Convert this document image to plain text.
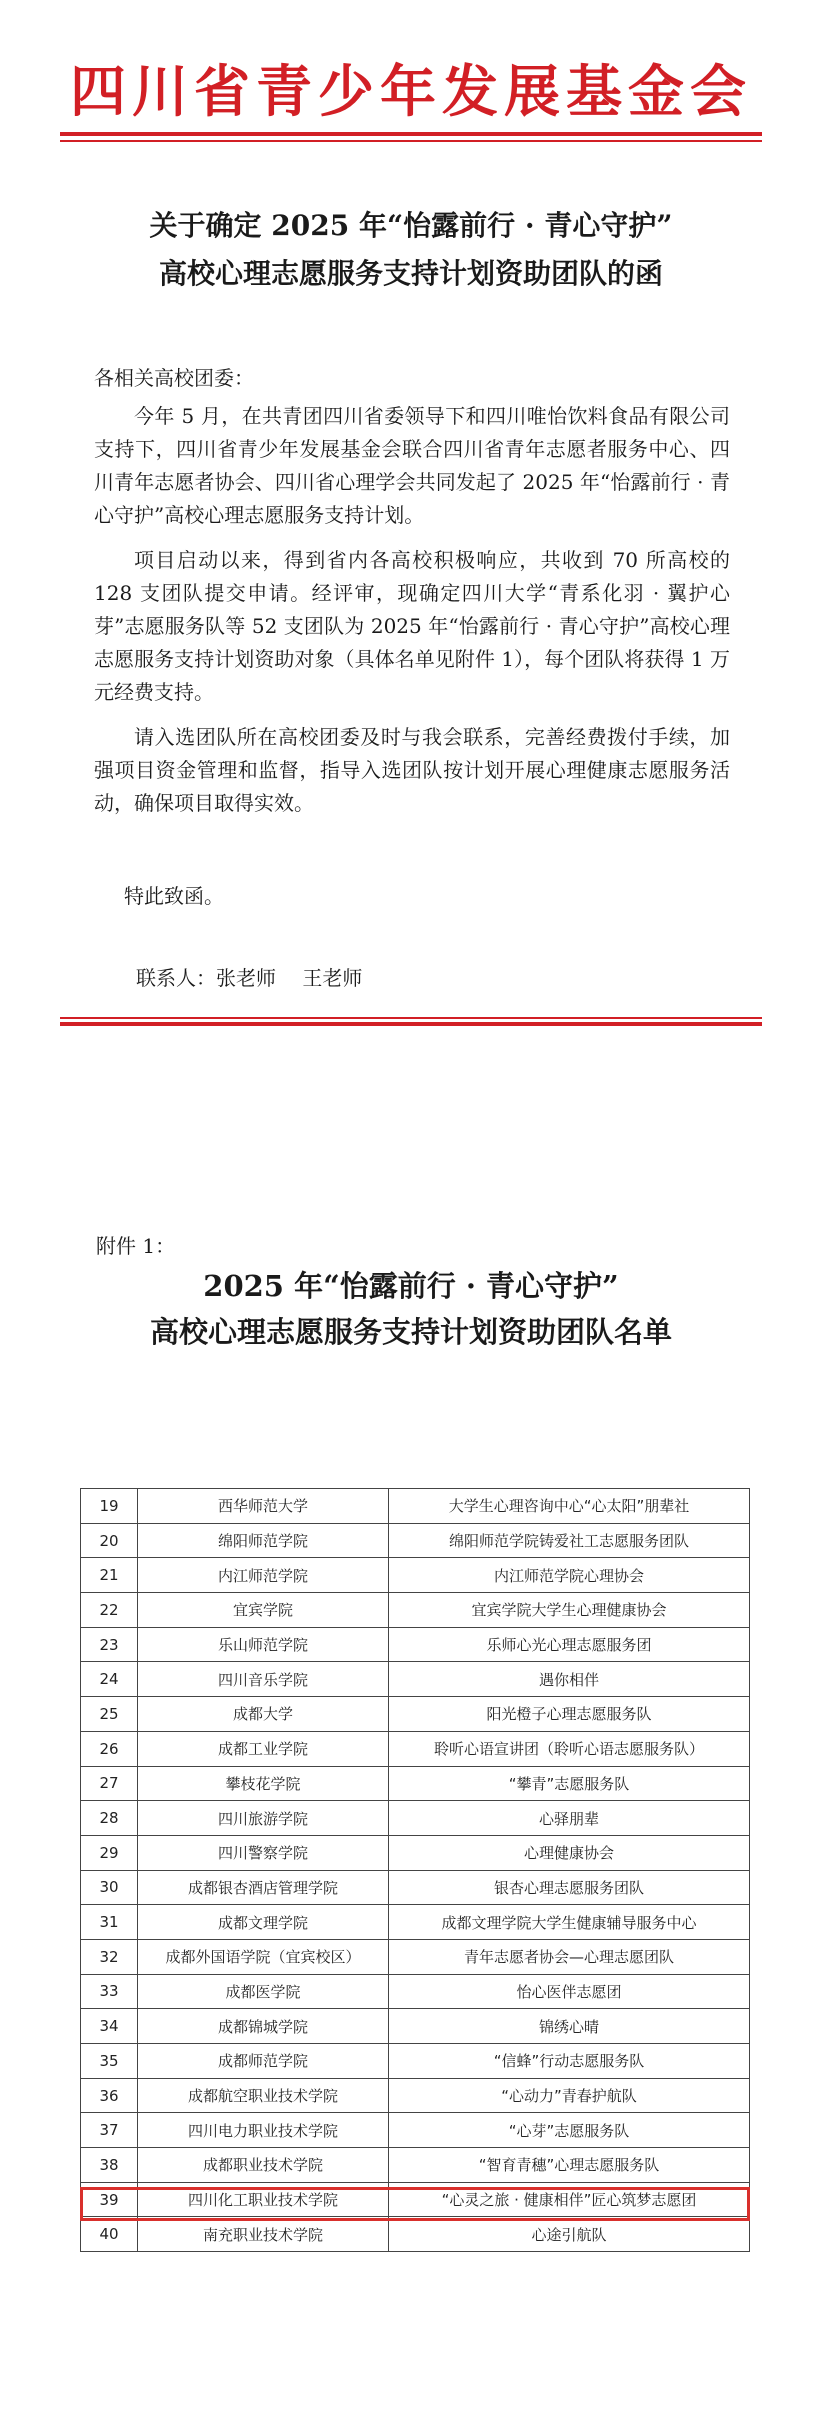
四川省青少年发展基金会
关于确定 2025 年“怡露前行 · 青心守护”
高校心理志愿服务支持计划资助团队的函
各相关高校团委：

今年 5 月，在共青团四川省委领导下和四川唯怡饮料食品有限公司支持下，四川省青少年发展基金会联合四川省青年志愿者服务中心、四川青年志愿者协会、四川省心理学会共同发起了 2025 年“怡露前行 · 青心守护”高校心理志愿服务支持计划。

项目启动以来，得到省内各高校积极响应，共收到 70 所高校的 128 支团队提交申请。经评审，现确定四川大学“青系化羽 · 翼护心芽”志愿服务队等 52 支团队为 2025 年“怡露前行 · 青心守护”高校心理志愿服务支持计划资助对象（具体名单见附件 1），每个团队将获得 1 万元经费支持。

请入选团队所在高校团委及时与我会联系，完善经费拨付手续，加强项目资金管理和监督，指导入选团队按计划开展心理健康志愿服务活动，确保项目取得实效。

特此致函。
联系人：张老师　 王老师
附件 1：
2025 年“怡露前行 · 青心守护”
高校心理志愿服务支持计划资助团队名单
19	西华师范大学	大学生心理咨询中心“心太阳”朋辈社
20	绵阳师范学院	绵阳师范学院铸爱社工志愿服务团队
21	内江师范学院	内江师范学院心理协会
22	宜宾学院	宜宾学院大学生心理健康协会
23	乐山师范学院	乐师心光心理志愿服务团
24	四川音乐学院	遇你相伴
25	成都大学	阳光橙子心理志愿服务队
26	成都工业学院	聆听心语宣讲团（聆听心语志愿服务队）
27	攀枝花学院	“攀青”志愿服务队
28	四川旅游学院	心驿朋辈
29	四川警察学院	心理健康协会
30	成都银杏酒店管理学院	银杏心理志愿服务团队
31	成都文理学院	成都文理学院大学生健康辅导服务中心
32	成都外国语学院（宜宾校区）	青年志愿者协会—心理志愿团队
33	成都医学院	怡心医伴志愿团
34	成都锦城学院	锦绣心晴
35	成都师范学院	“信蜂”行动志愿服务队
36	成都航空职业技术学院	“心动力”青春护航队
37	四川电力职业技术学院	“心芽”志愿服务队
38	成都职业技术学院	“智育青穗”心理志愿服务队
39	四川化工职业技术学院	“心灵之旅 · 健康相伴”匠心筑梦志愿团
40	南充职业技术学院	心途引航队
